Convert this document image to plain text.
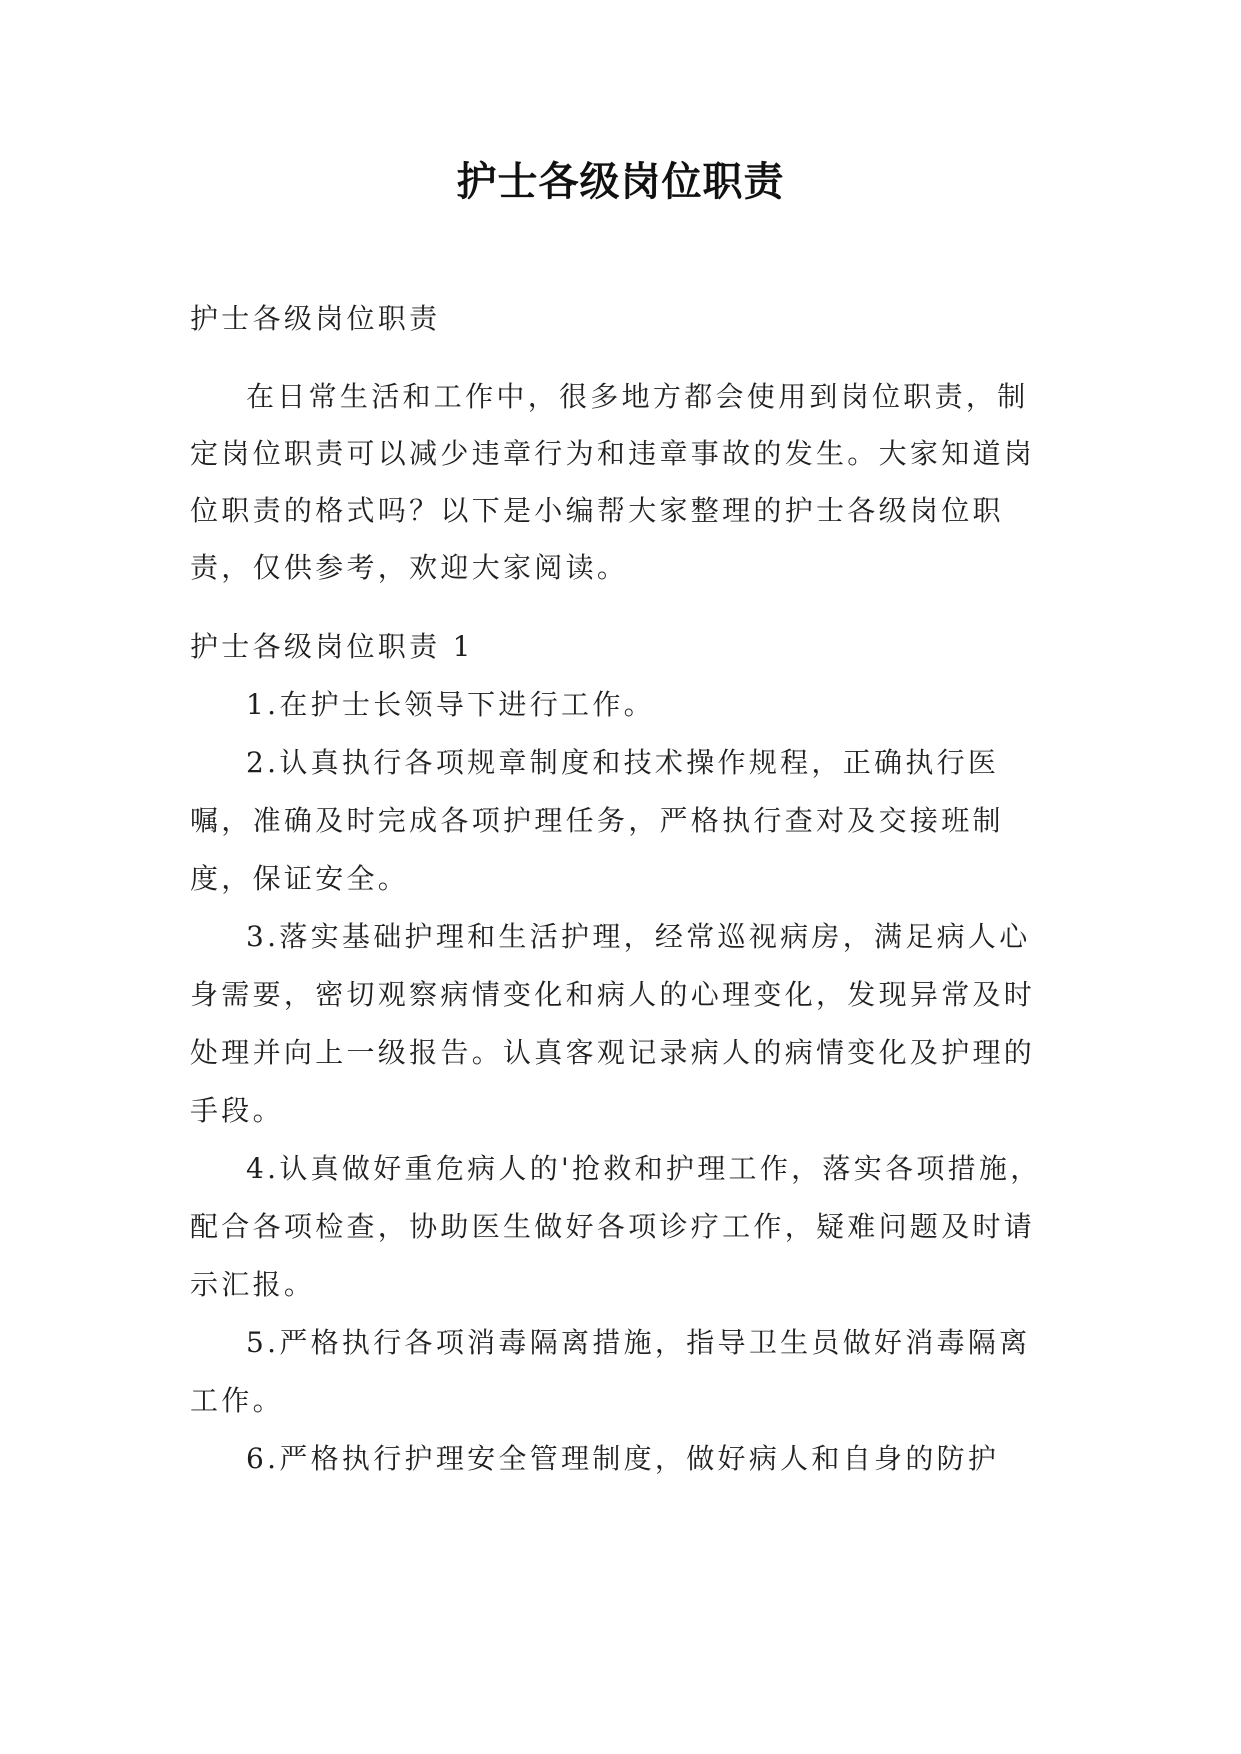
护士各级岗位职责
护士各级岗位职责

在日常生活和工作中，很多地方都会使用到岗位职责，制定岗位职责可以减少违章行为和违章事故的发生。大家知道岗位职责的格式吗？以下是小编帮大家整理的护士各级岗位职责，仅供参考，欢迎大家阅读。

护士各级岗位职责 1

1.在护士长领导下进行工作。

2.认真执行各项规章制度和技术操作规程，正确执行医嘱，准确及时完成各项护理任务，严格执行查对及交接班制度，保证安全。

3.落实基础护理和生活护理，经常巡视病房，满足病人心身需要，密切观察病情变化和病人的心理变化，发现异常及时处理并向上一级报告。认真客观记录病人的病情变化及护理的手段。

4.认真做好重危病人的'抢救和护理工作，落实各项措施，配合各项检查，协助医生做好各项诊疗工作，疑难问题及时请示汇报。

5.严格执行各项消毒隔离措施，指导卫生员做好消毒隔离工作。

6.严格执行护理安全管理制度，做好病人和自身的防护
